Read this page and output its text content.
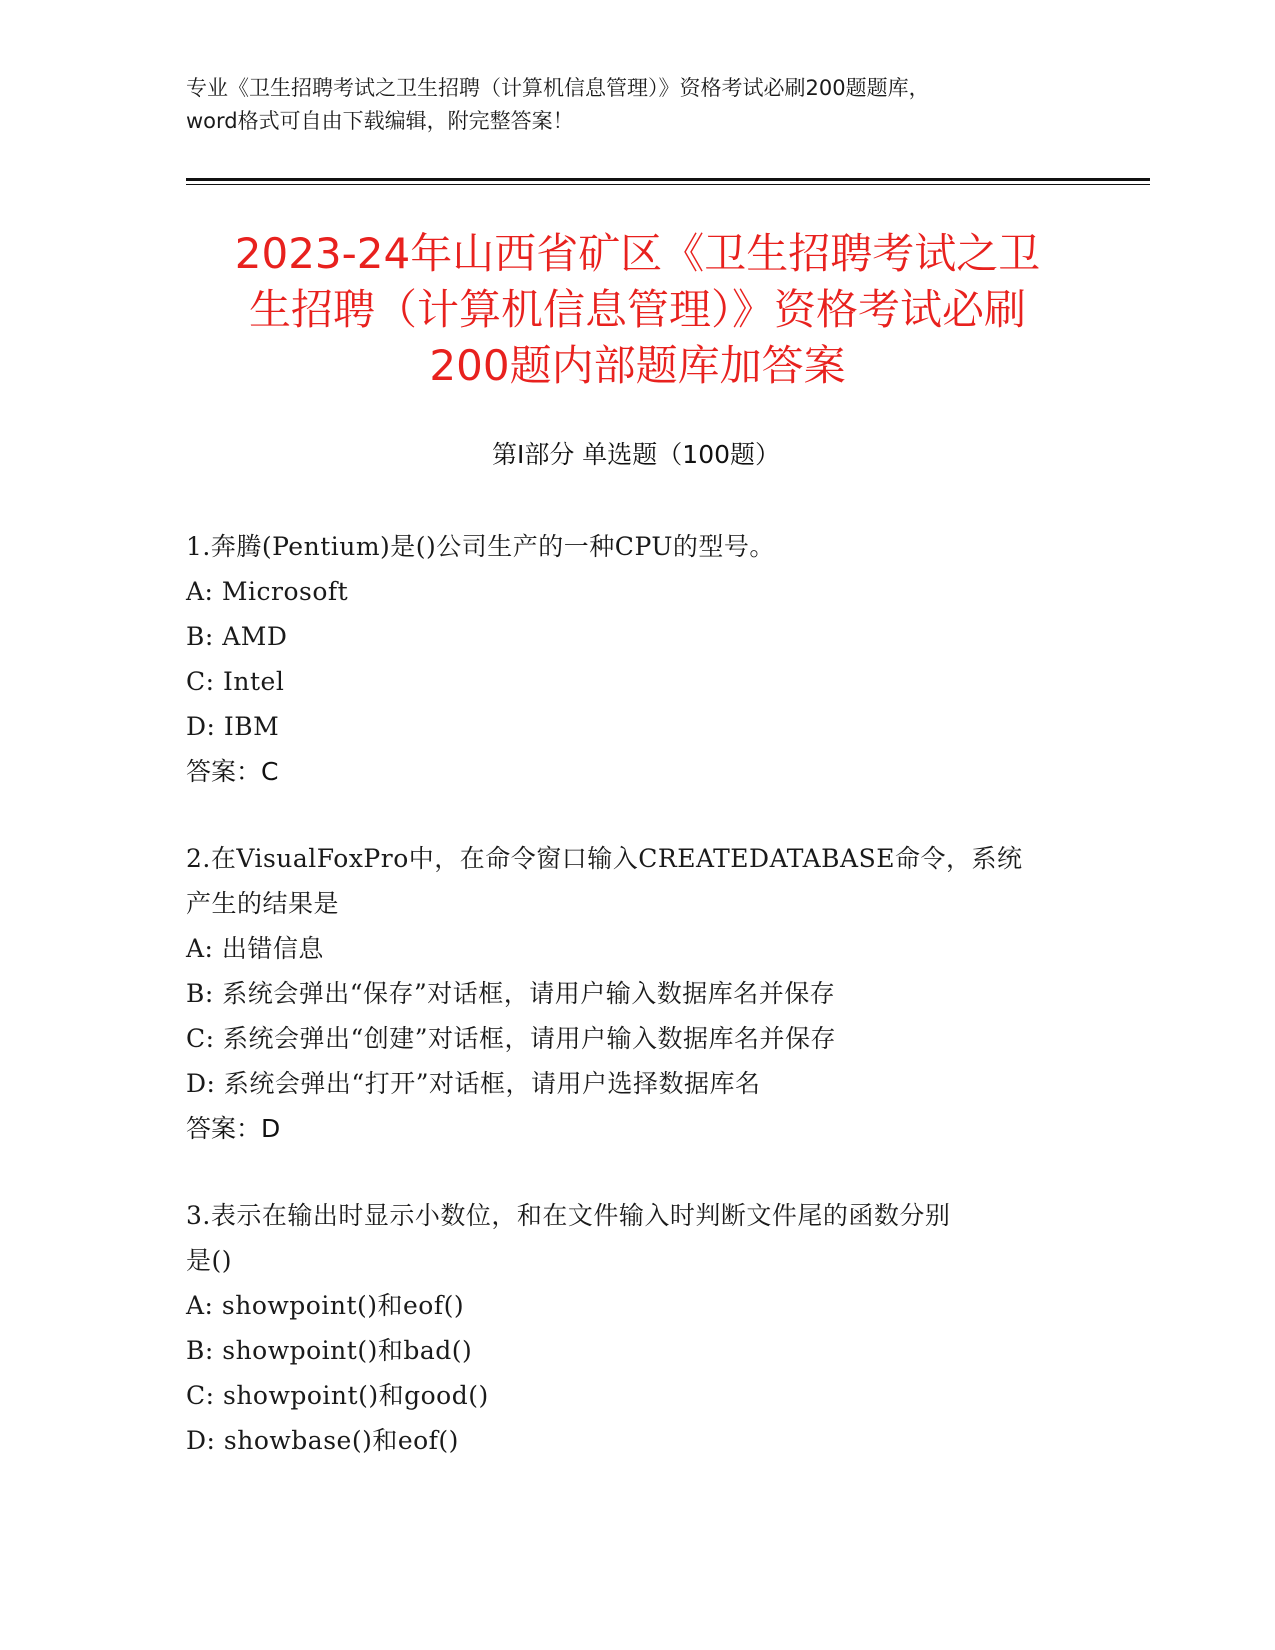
专业《卫生招聘考试之卫生招聘（计算机信息管理）》资格考试必刷200题题库，
word格式可自由下载编辑，附完整答案！
2023-24年山西省矿区《卫生招聘考试之卫
生招聘（计算机信息管理）》资格考试必刷
200题内部题库加答案
第I部分 单选题（100题）
1.奔腾(Pentium)是()公司生产的一种CPU的型号。
A: Microsoft
B: AMD
C: Intel
D: IBM
答案：C
2.在VisualFoxPro中，在命令窗口输入CREATEDATABASE命令，系统
产生的结果是
A: 出错信息
B: 系统会弹出“保存”对话框，请用户输入数据库名并保存
C: 系统会弹出“创建”对话框，请用户输入数据库名并保存
D: 系统会弹出“打开”对话框，请用户选择数据库名
答案：D
3.表示在输出时显示小数位，和在文件输入时判断文件尾的函数分别
是()
A: showpoint()和eof()
B: showpoint()和bad()
C: showpoint()和good()
D: showbase()和eof()
